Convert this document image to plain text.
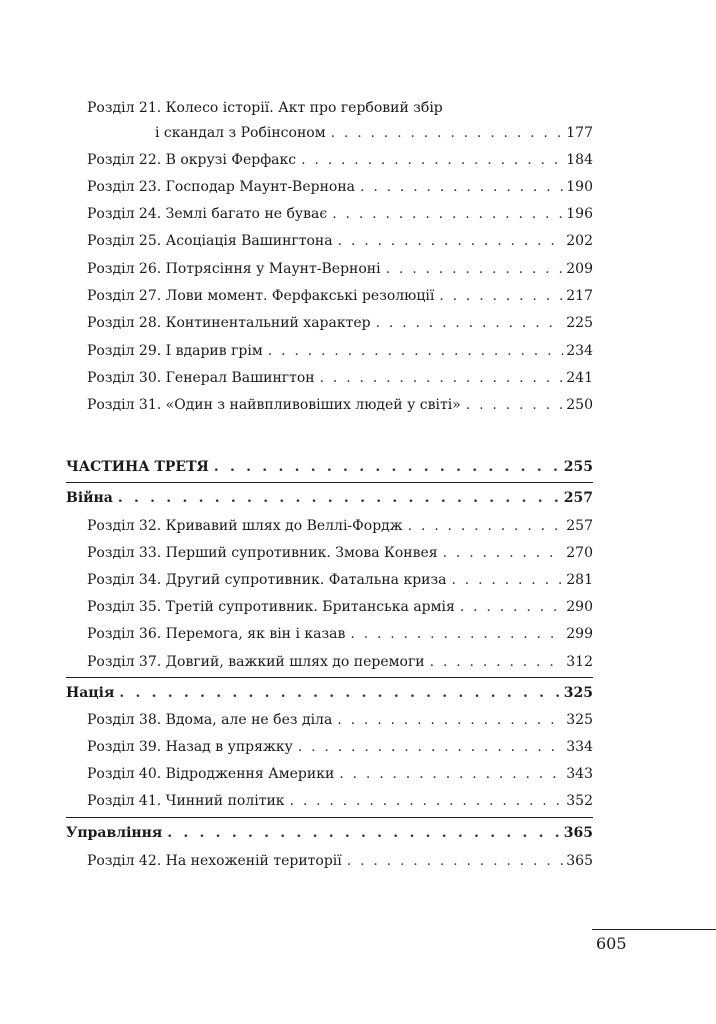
Розділ 21. Колесо історії. Акт про гербовий збір
і скандал з Робінсоном . . .	177
Розділ 22. В окрузі Ферфакс . . .	184
Розділ 23. Господар Маунт-Вернона . . .	190
Розділ 24. Землі багато не буває . . .	196
Розділ 25. Асоціація Вашингтона . . .	202
Розділ 26. Потрясіння у Маунт-Верноні . . .	209
Розділ 27. Лови момент. Ферфакські резолюції . . .	217
Розділ 28. Континентальний характер . . .	225
Розділ 29. І вдарив грім . . .	234
Розділ 30. Генерал Вашингтон . . .	241
Розділ 31. «Один з найвпливовіших людей у світі» . . .	250
ЧАСТИНА ТРЕТЯ . . .	255
Війна . . .	257
Розділ 32. Кривавий шлях до Веллі-Фордж . . .	257
Розділ 33. Перший супротивник. Змова Конвея . . .	270
Розділ 34. Другий супротивник. Фатальна криза . . .	281
Розділ 35. Третій супротивник. Британська армія . . .	290
Розділ 36. Перемога, як він і казав . . .	299
Розділ 37. Довгий, важкий шлях до перемоги . . .	312
Нація . . .	325
Розділ 38. Вдома, але не без діла . . .	325
Розділ 39. Назад в упряжку . . .	334
Розділ 40. Відродження Америки . . .	343
Розділ 41. Чинний політик . . .	352
Управління . . .	365
Розділ 42. На нехоженій території . . .	365
605
